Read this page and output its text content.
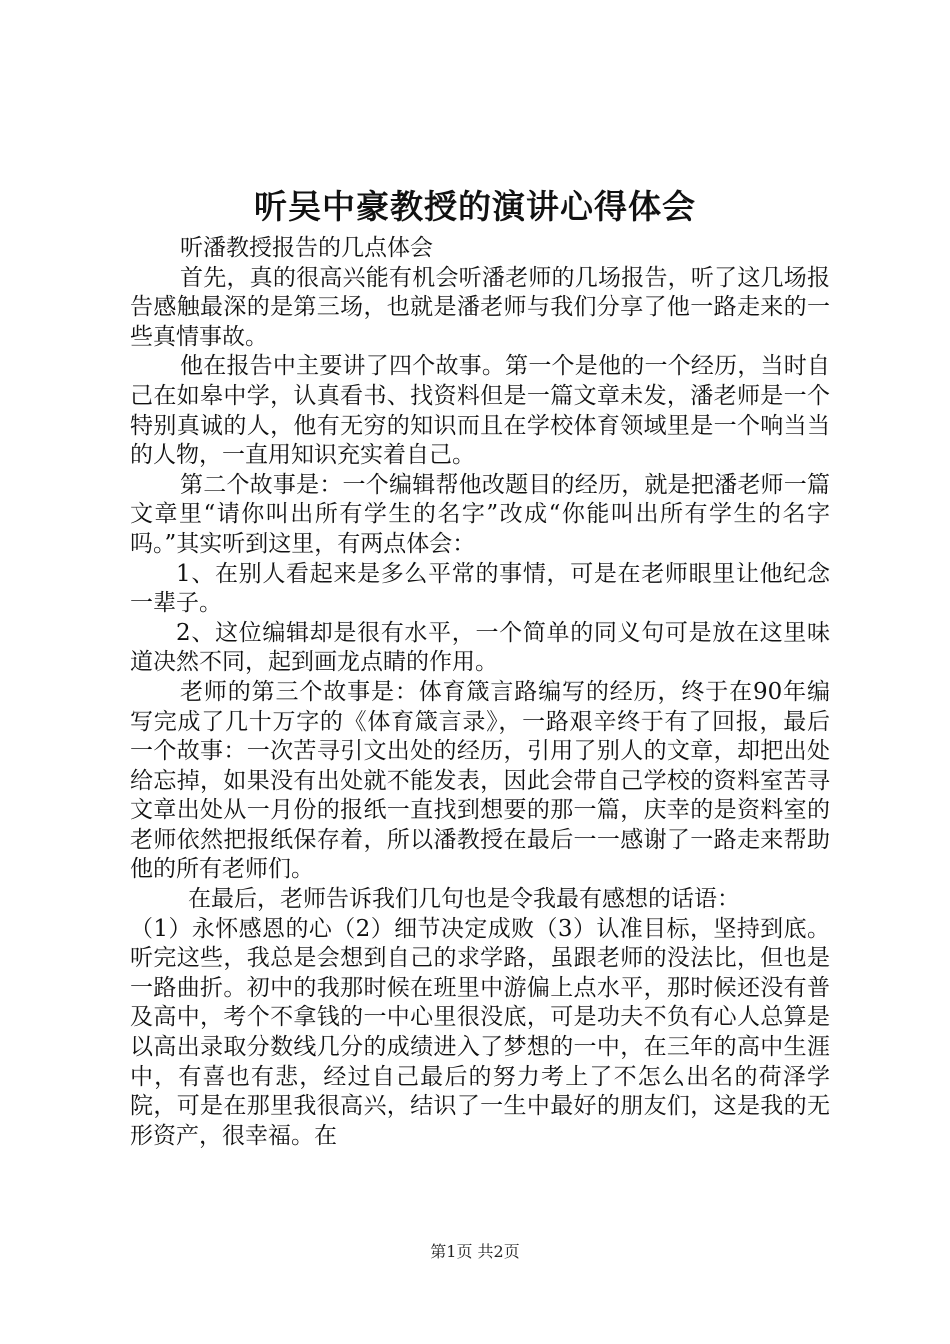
听吴中豪教授的演讲心得体会

听潘教授报告的几点体会

首先，真的很高兴能有机会听潘老师的几场报告，听了这几场报告感触最深的是第三场，也就是潘老师与我们分享了他一路走来的一些真情事故。

他在报告中主要讲了四个故事。第一个是他的一个经历，当时自己在如皋中学，认真看书、找资料但是一篇文章未发，潘老师是一个特别真诚的人，他有无穷的知识而且在学校体育领域里是一个响当当的人物，一直用知识充实着自己。

第二个故事是：一个编辑帮他改题目的经历，就是把潘老师一篇文章里“请你叫出所有学生的名字”改成“你能叫出所有学生的名字吗。”其实听到这里，有两点体会：

1、在别人看起来是多么平常的事情，可是在老师眼里让他纪念一辈子。

2、这位编辑却是很有水平，一个简单的同义句可是放在这里味道决然不同，起到画龙点睛的作用。

老师的第三个故事是：体育箴言路编写的经历，终于在90年编写完成了几十万字的《体育箴言录》，一路艰辛终于有了回报，最后一个故事：一次苦寻引文出处的经历，引用了别人的文章，却把出处给忘掉，如果没有出处就不能发表，因此会带自己学校的资料室苦寻文章出处从一月份的报纸一直找到想要的那一篇，庆幸的是资料室的老师依然把报纸保存着，所以潘教授在最后一一感谢了一路走来帮助他的所有老师们。

在最后，老师告诉我们几句也是令我最有感想的话语：

（1）永怀感恩的心（2）细节决定成败（3）认准目标，坚持到底。听完这些，我总是会想到自己的求学路，虽跟老师的没法比，但也是一路曲折。初中的我那时候在班里中游偏上点水平，那时候还没有普及高中，考个不拿钱的一中心里很没底，可是功夫不负有心人总算是以高出录取分数线几分的成绩进入了梦想的一中，在三年的高中生涯中，有喜也有悲，经过自己最后的努力考上了不怎么出名的荷泽学院，可是在那里我很高兴，结识了一生中最好的朋友们，这是我的无形资产，很幸福。在

第1页 共2页
